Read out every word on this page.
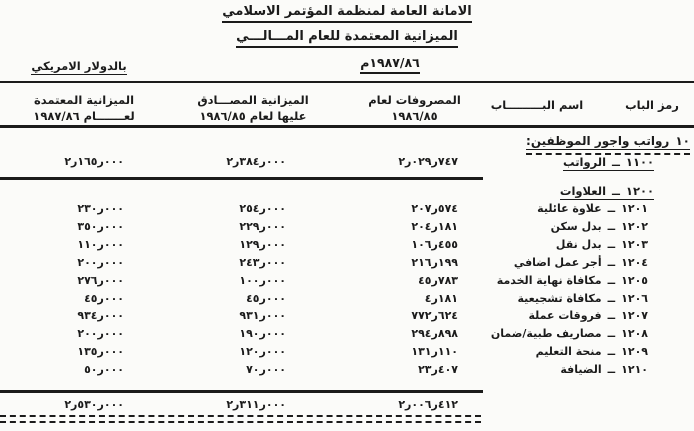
الامانة العامة لمنظمة المؤتمر الاسلامي
الميزانية المعتمدة للعام المـــالـــي
١٩٨٧/٨٦م
بالدولار الامريكي
رمز الباب
اسم البـــــــــاب
المصروفات لعام
١٩٨٦/٨٥
الميزانية المصـــادق
عليها لعام ١٩٨٦/٨٥
الميزانية المعتمدة
لعـــــــام ١٩٨٧/٨٦
١٠
رواتب واجور الموظفين:
١١٠٠
ــ
الرواتب
٢ر٠٢٩ر٧٤٧
٢ر٣٨٤ر٠٠٠
٢ر١٦٥ر٠٠٠
١٢٠٠
ــ
العلاوات
١٢٠١
ــ
علاوة عائلية
٢٠٧ر٥٧٤
٢٥٤ر٠٠٠
٢٣٠ر٠٠٠
١٢٠٢
ــ
بدل سكن
٢٠٤ر١٨١
٢٢٩ر٠٠٠
٣٥٠ر٠٠٠
١٢٠٣
ــ
بدل نقل
١٠٦ر٤٥٥
١٢٩ر٠٠٠
١١٠ر٠٠٠
١٢٠٤
ــ
أجر عمل اضافي
٢١٦ر١٩٩
٢٤٣ر٠٠٠
٢٠٠ر٠٠٠
١٢٠٥
ــ
مكافاة نهاية الخدمة
٤٥ر٧٨٣
١٠٠ر٠٠٠
٢٧٦ر٠٠٠
١٢٠٦
ــ
مكافاة تشجيعية
٤ر١٨١
٤٥ر٠٠٠
٤٥ر٠٠٠
١٢٠٧
ــ
فروقات عملة
٧٧٢ر٦٢٤
٩٣١ر٠٠٠
٩٣٤ر٠٠٠
١٢٠٨
ــ
مصاريف طبية/ضمان
٢٩٤ر٨٩٨
١٩٠ر٠٠٠
٢٠٠ر٠٠٠
١٢٠٩
ــ
منحة التعليم
١٣١ر١١٠
١٢٠ر٠٠٠
١٣٥ر٠٠٠
١٢١٠
ــ
الضيافة
٢٣ر٤٠٧
٧٠ر٠٠٠
٥٠ر٠٠٠
٢ر٠٠٦ر٤١٢
٢ر٣١١ر٠٠٠
٢ر٥٣٠ر٠٠٠
